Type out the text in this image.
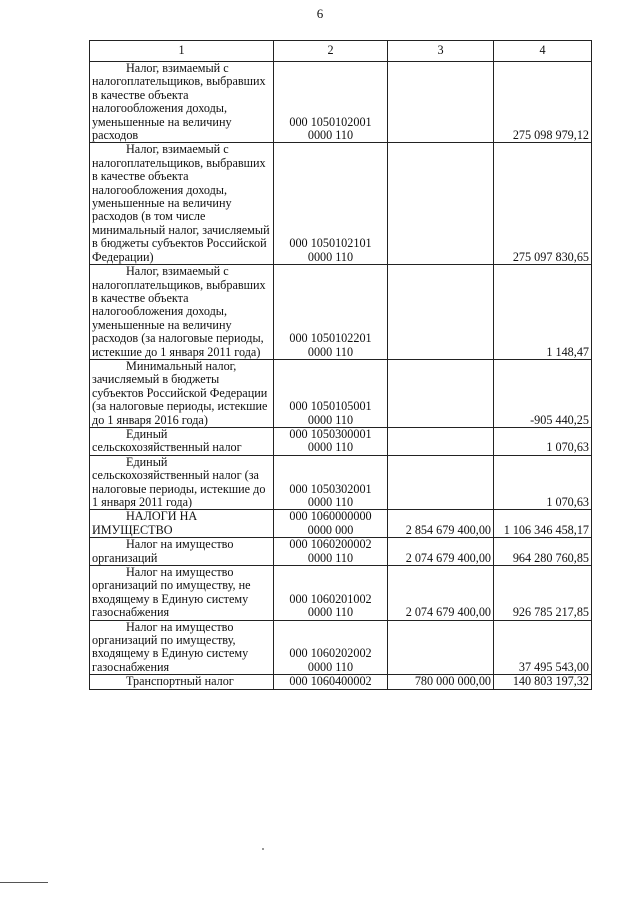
6
1	2	3	4
Налог, взимаемый с налогоплательщиков, выбравших в качестве объекта налогообложения доходы, уменьшенные на величину расходов	000 1050102001 0000 110		275 098 979,12
Налог, взимаемый с налогоплательщиков, выбравших в качестве объекта налогообложения доходы, уменьшенные на величину расходов (в том числе минимальный налог, зачисляемый в бюджеты субъектов Российской Федерации)	000 1050102101 0000 110		275 097 830,65
Налог, взимаемый с налогоплательщиков, выбравших в качестве объекта налогообложения доходы, уменьшенные на величину расходов (за налоговые периоды, истекшие до 1 января 2011 года)	000 1050102201 0000 110		1 148,47
Минимальный налог, зачисляемый в бюджеты субъектов Российской Федерации (за налоговые периоды, истекшие до 1 января 2016 года)	000 1050105001 0000 110		-905 440,25
Единый сельскохозяйственный налог	000 1050300001 0000 110		1 070,63
Единый сельскохозяйственный налог (за налоговые периоды, истекшие до 1 января 2011 года)	000 1050302001 0000 110		1 070,63
НАЛОГИ НА ИМУЩЕСТВО	000 1060000000 0000 000	2 854 679 400,00	1 106 346 458,17
Налог на имущество организаций	000 1060200002 0000 110	2 074 679 400,00	964 280 760,85
Налог на имущество организаций по имуществу, не входящему в Единую систему газоснабжения	000 1060201002 0000 110	2 074 679 400,00	926 785 217,85
Налог на имущество организаций по имуществу, входящему в Единую систему газоснабжения	000 1060202002 0000 110		37 495 543,00
Транспортный налог	000 1060400002	780 000 000,00	140 803 197,32
